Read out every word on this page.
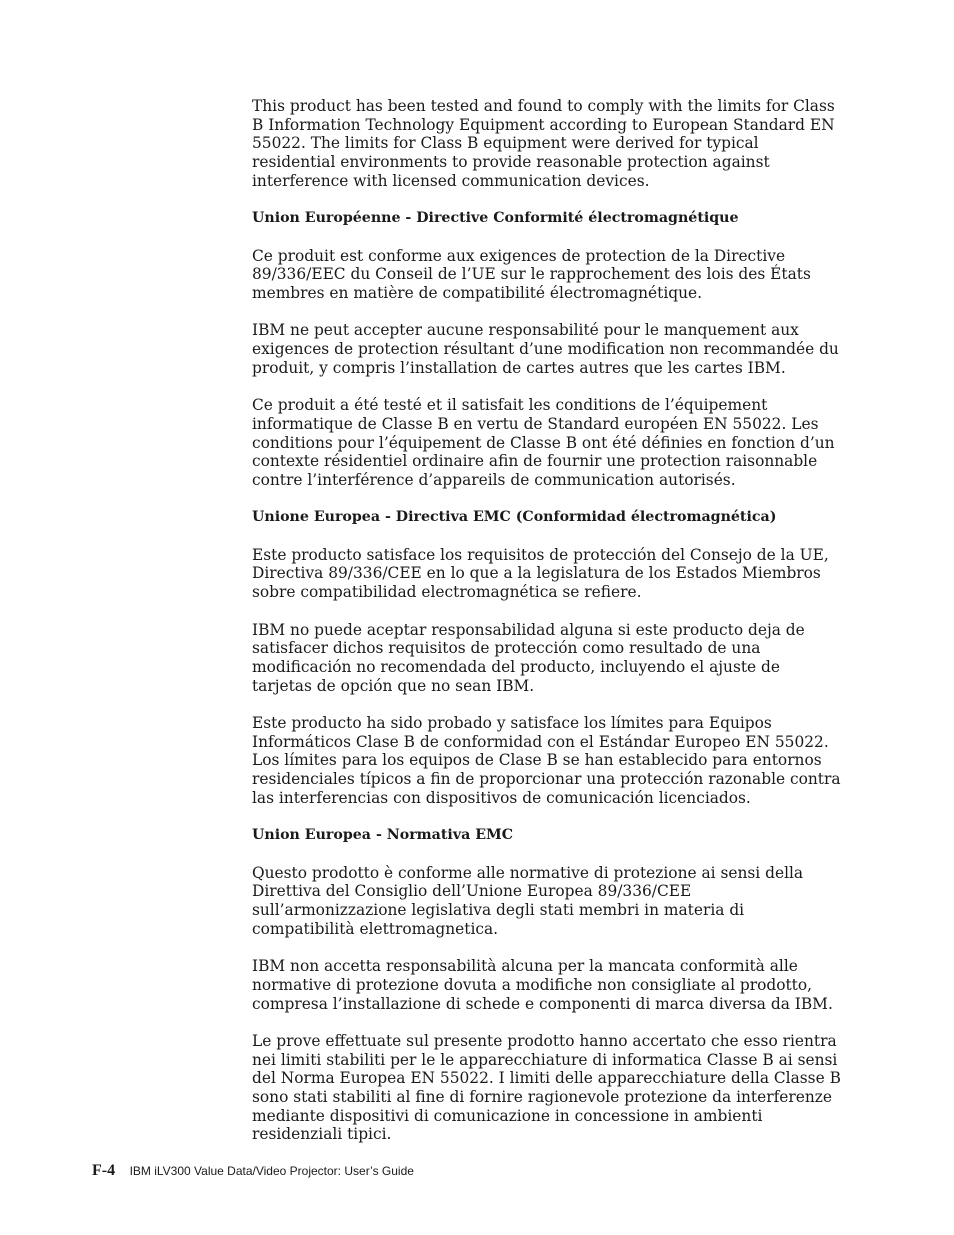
This product has been tested and found to comply with the limits for Class B Information Technology Equipment according to European Standard EN 55022. The limits for Class B equipment were derived for typical residential environments to provide reasonable protection against interference with licensed communication devices.

Union Européenne - Directive Conformité électromagnétique

Ce produit est conforme aux exigences de protection de la Directive 89/336/EEC du Conseil de l’UE sur le rapprochement des lois des États membres en matière de compatibilité électromagnétique.

IBM ne peut accepter aucune responsabilité pour le manquement aux exigences de protection résultant d’une modification non recommandée du produit, y compris l’installation de cartes autres que les cartes IBM.

Ce produit a été testé et il satisfait les conditions de l’équipement informatique de Classe B en vertu de Standard européen EN 55022. Les conditions pour l’équipement de Classe B ont été définies en fonction d’un contexte résidentiel ordinaire afin de fournir une protection raisonnable contre l’interférence d’appareils de communication autorisés.

Unione Europea - Directiva EMC (Conformidad électromagnética)

Este producto satisface los requisitos de protección del Consejo de la UE, Directiva 89/336/CEE en lo que a la legislatura de los Estados Miembros sobre compatibilidad electromagnética se refiere.

IBM no puede aceptar responsabilidad alguna si este producto deja de satisfacer dichos requisitos de protección como resultado de una modificación no recomendada del producto, incluyendo el ajuste de tarjetas de opción que no sean IBM.

Este producto ha sido probado y satisface los límites para Equipos Informáticos Clase B de conformidad con el Estándar Europeo EN 55022. Los límites para los equipos de Clase B se han establecido para entornos residenciales típicos a fin de proporcionar una protección razonable contra las interferencias con dispositivos de comunicación licenciados.

Union Europea - Normativa EMC

Questo prodotto è conforme alle normative di protezione ai sensi della Direttiva del Consiglio dell’Unione Europea 89/336/CEE sull’armonizzazione legislativa degli stati membri in materia di compatibilità elettromagnetica.

IBM non accetta responsabilità alcuna per la mancata conformità alle normative di protezione dovuta a modifiche non consigliate al prodotto, compresa l’installazione di schede e componenti di marca diversa da IBM.

Le prove effettuate sul presente prodotto hanno accertato che esso rientra nei limiti stabiliti per le le apparecchiature di informatica Classe B ai sensi del Norma Europea EN 55022. I limiti delle apparecchiature della Classe B sono stati stabiliti al fine di fornire ragionevole protezione da interferenze mediante dispositivi di comunicazione in concessione in ambienti residenziali tipici.

F-4 IBM iLV300 Value Data/Video Projector: User’s Guide
